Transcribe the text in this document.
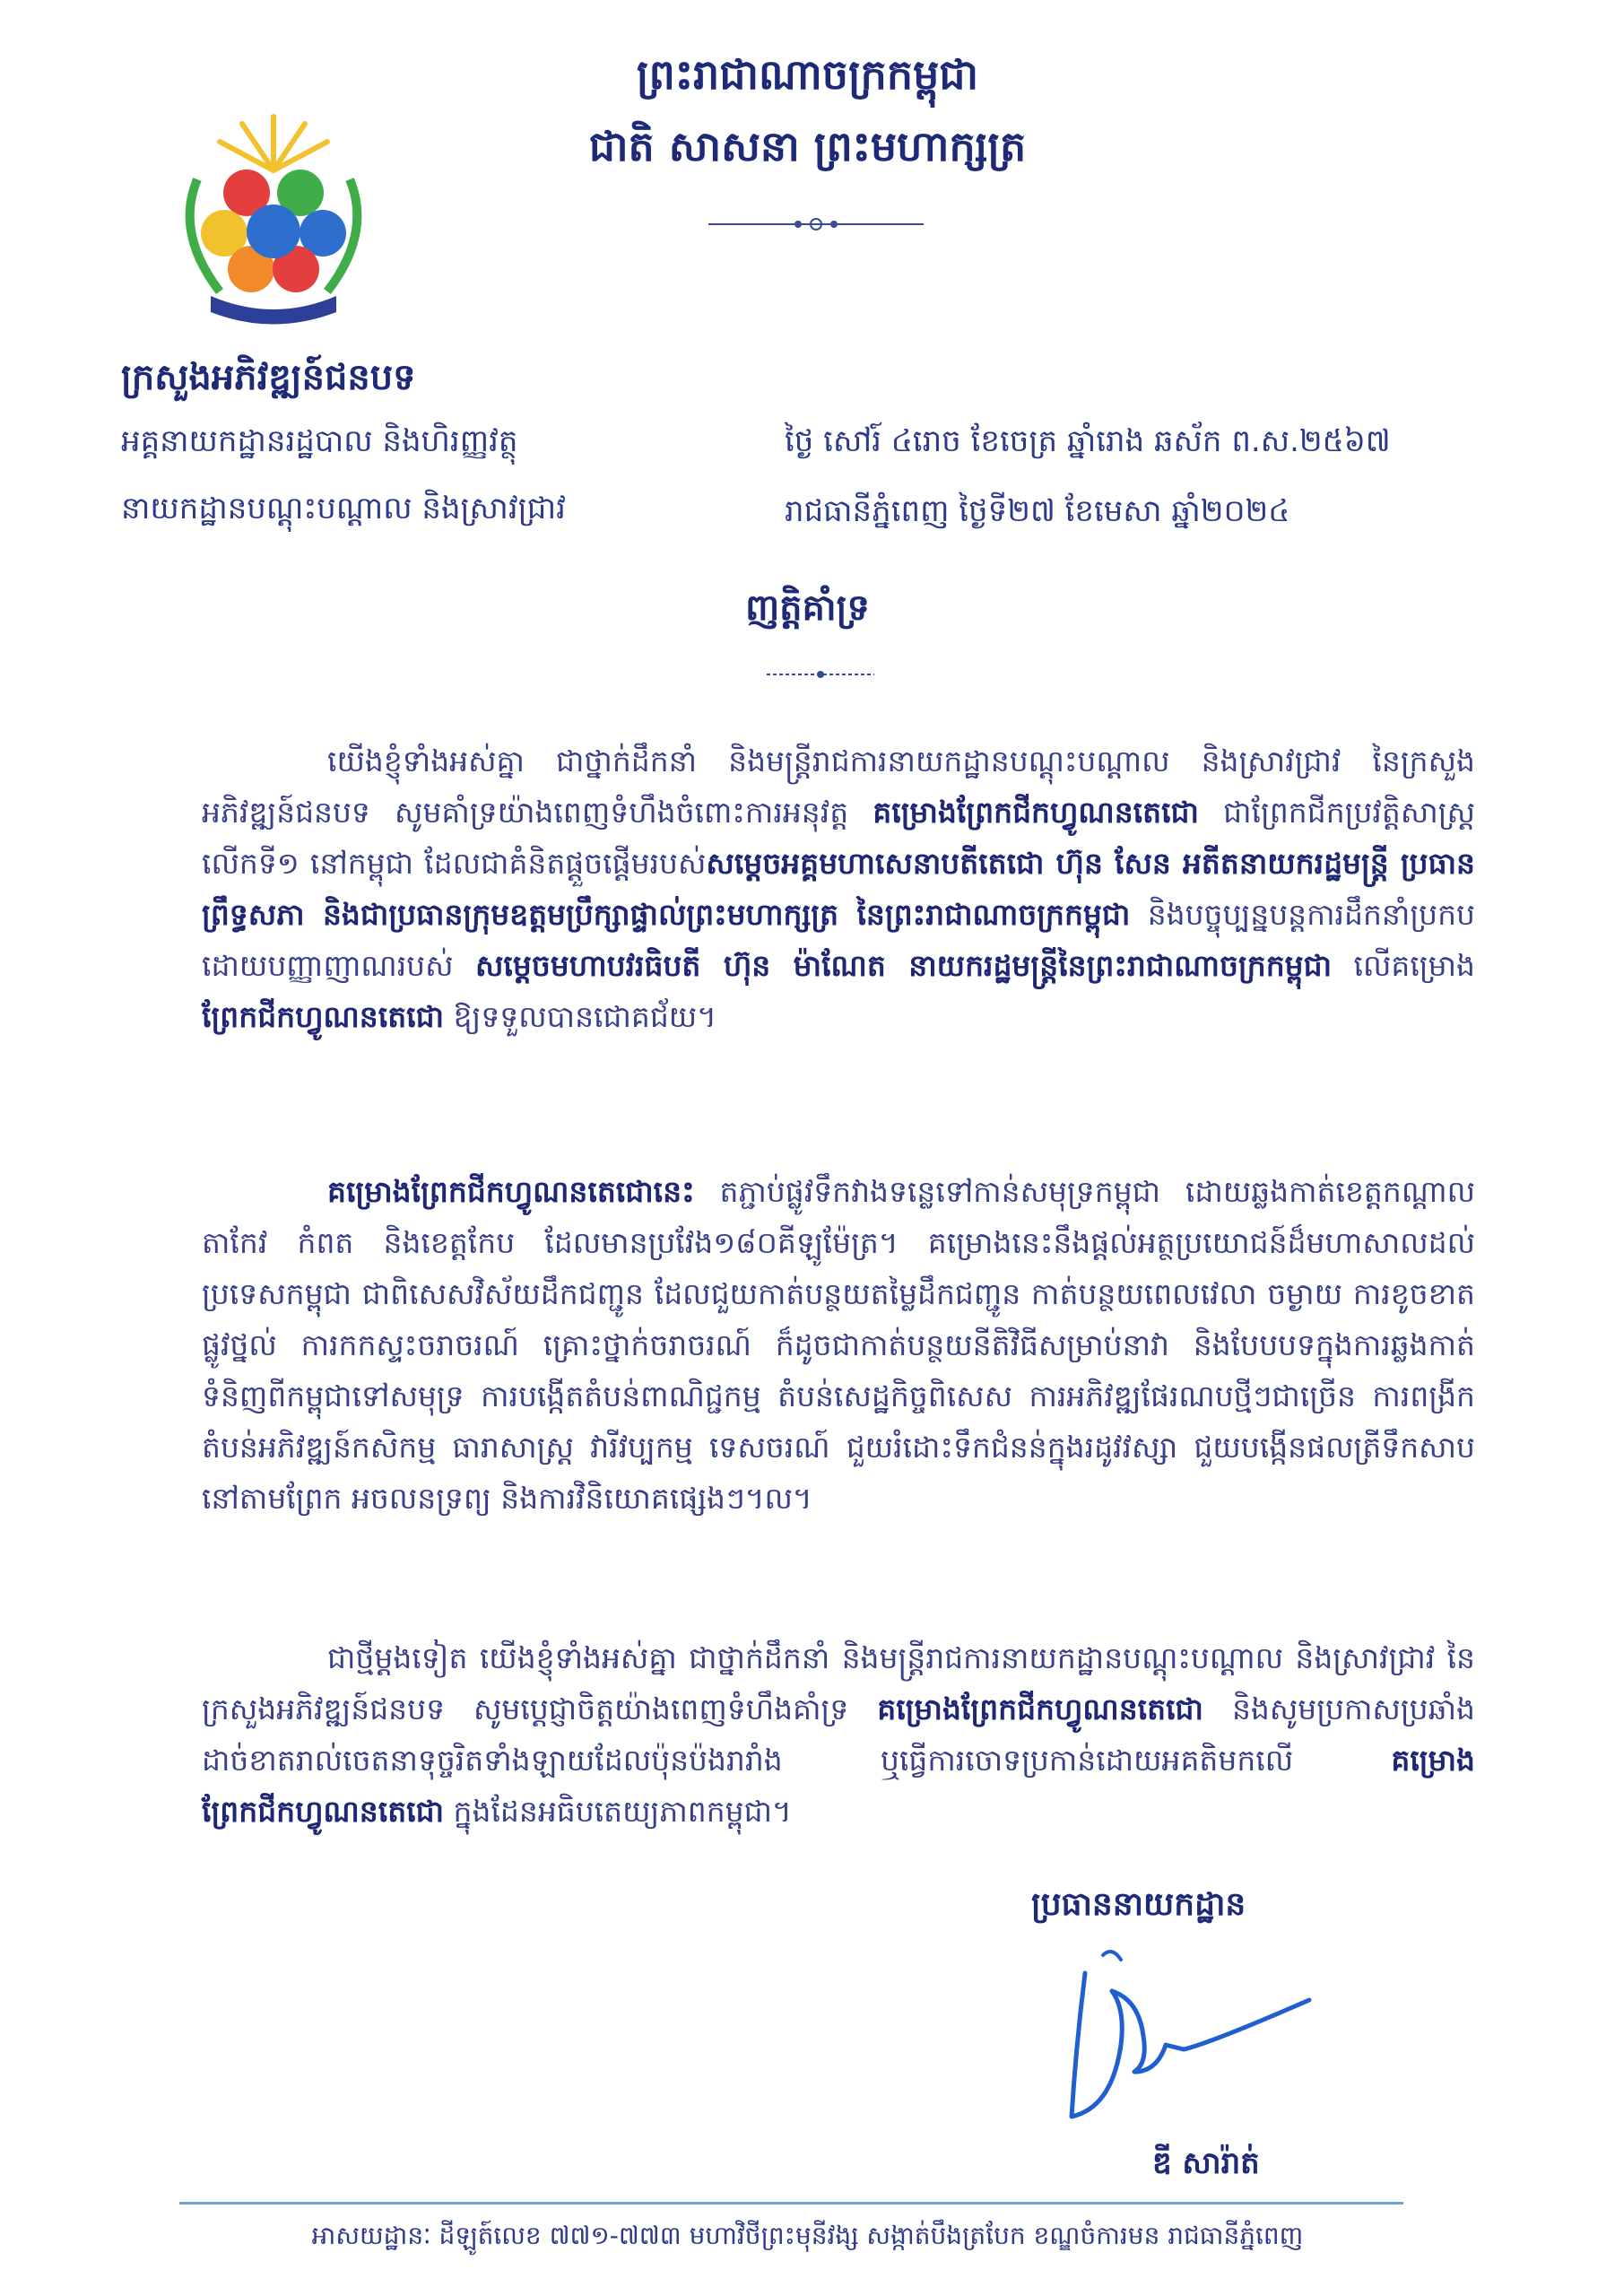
ព្រះរាជាណាចក្រកម្ពុជា
ជាតិ សាសនា ព្រះមហាក្សត្រ
ក្រសួងអភិវឌ្ឍន៍ជនបទ
អគ្គនាយកដ្ឋានរដ្ឋបាល និងហិរញ្ញវត្ថុ
នាយកដ្ឋានបណ្តុះបណ្តាល និងស្រាវជ្រាវ
ថ្ងៃ សៅរ៍ ៤រោច ខែចេត្រ ឆ្នាំរោង ឆស័ក ព.ស.២៥៦៧
រាជធានីភ្នំពេញ ថ្ងៃទី២៧ ខែមេសា ឆ្នាំ២០២៤
ញត្តិគាំទ្រ
យើងខ្ញុំទាំងអស់គ្នា ជាថ្នាក់ដឹកនាំ និងមន្ត្រីរាជការនាយកដ្ឋានបណ្តុះបណ្តាល និងស្រាវជ្រាវ នៃក្រសួងអភិវឌ្ឍន៍ជនបទ សូមគាំទ្រយ៉ាងពេញទំហឹងចំពោះការអនុវត្ត គម្រោងព្រែកជីកហ្វូណនតេជោ ជាព្រែកជីកប្រវត្តិសាស្ត្រលើកទី១ នៅកម្ពុជា ដែលជាគំនិតផ្តួចផ្តើមរបស់សម្តេចអគ្គមហាសេនាបតីតេជោ ហ៊ុន សែន អតីតនាយករដ្ឋមន្ត្រី ប្រធានព្រឹទ្ធសភា និងជាប្រធានក្រុមឧត្តមប្រឹក្សាផ្ទាល់ព្រះមហាក្សត្រ នៃព្រះរាជាណាចក្រកម្ពុជា និងបច្ចុប្បន្នបន្តការដឹកនាំប្រកបដោយបញ្ញាញាណរបស់ សម្តេចមហាបវរធិបតី ហ៊ុន ម៉ាណែត នាយករដ្ឋមន្ត្រីនៃព្រះរាជាណាចក្រកម្ពុជា លើគម្រោង ព្រែកជីកហ្វូណនតេជោ ឱ្យទទួលបានជោគជ័យ។
គម្រោងព្រែកជីកហ្វូណនតេជោនេះ តភ្ជាប់ផ្លូវទឹកវាងទន្លេទៅកាន់សមុទ្រកម្ពុជា ដោយឆ្លងកាត់ខេត្តកណ្តាល តាកែវ កំពត និងខេត្តកែប ដែលមានប្រវែង១៨០គីឡូម៉ែត្រ។ គម្រោងនេះនឹងផ្តល់អត្ថប្រយោជន៍ដ៏មហាសាលដល់ប្រទេសកម្ពុជា ជាពិសេសវិស័យដឹកជញ្ជូន ដែលជួយកាត់បន្ថយតម្លៃដឹកជញ្ជូន កាត់បន្ថយពេលវេលា ចម្ងាយ ការខូចខាតផ្លូវថ្នល់ ការកកស្ទះចរាចរណ៍ គ្រោះថ្នាក់ចរាចរណ៍ ក៏ដូចជាកាត់បន្ថយនីតិវិធីសម្រាប់នាវា និងបែបបទក្នុងការឆ្លងកាត់ទំនិញពីកម្ពុជាទៅសមុទ្រ ការបង្កើតតំបន់ពាណិជ្ជកម្ម តំបន់សេដ្ឋកិច្ចពិសេស ការអភិវឌ្ឍផែរណបថ្មីៗជាច្រើន ការពង្រីកតំបន់អភិវឌ្ឍន៍កសិកម្ម ធារាសាស្ត្រ វារីវប្បកម្ម ទេសចរណ៍ ជួយរំដោះទឹកជំនន់ក្នុងរដូវវស្សា ជួយបង្កើនផលត្រីទឹកសាប នៅតាមព្រែក អចលនទ្រព្យ និងការវិនិយោគផ្សេងៗ។ល។
ជាថ្មីម្តងទៀត យើងខ្ញុំទាំងអស់គ្នា ជាថ្នាក់ដឹកនាំ និងមន្ត្រីរាជការនាយកដ្ឋានបណ្តុះបណ្តាល និងស្រាវជ្រាវ នៃក្រសួងអភិវឌ្ឍន៍ជនបទ សូមប្តេជ្ញាចិត្តយ៉ាងពេញទំហឹងគាំទ្រ គម្រោងព្រែកជីកហ្វូណនតេជោ និងសូមប្រកាសប្រឆាំងដាច់ខាតរាល់ចេតនាទុច្ចរិតទាំងឡាយដែលប៉ុនប៉ងរារាំង ឬធ្វើការចោទប្រកាន់ដោយអគតិមកលើ គម្រោងព្រែកជីកហ្វូណនតេជោ ក្នុងដែនអធិបតេយ្យភាពកម្ពុជា។
ប្រធាននាយកដ្ឋាន
ឌី សារ៉ាត់
អាសយដ្ឋានៈ ដីឡូត៍លេខ ៧៧១-៧៧៣ មហាវិថីព្រះមុនីវង្ស សង្កាត់បឹងត្របែក ខណ្ឌចំការមន រាជធានីភ្នំពេញ
